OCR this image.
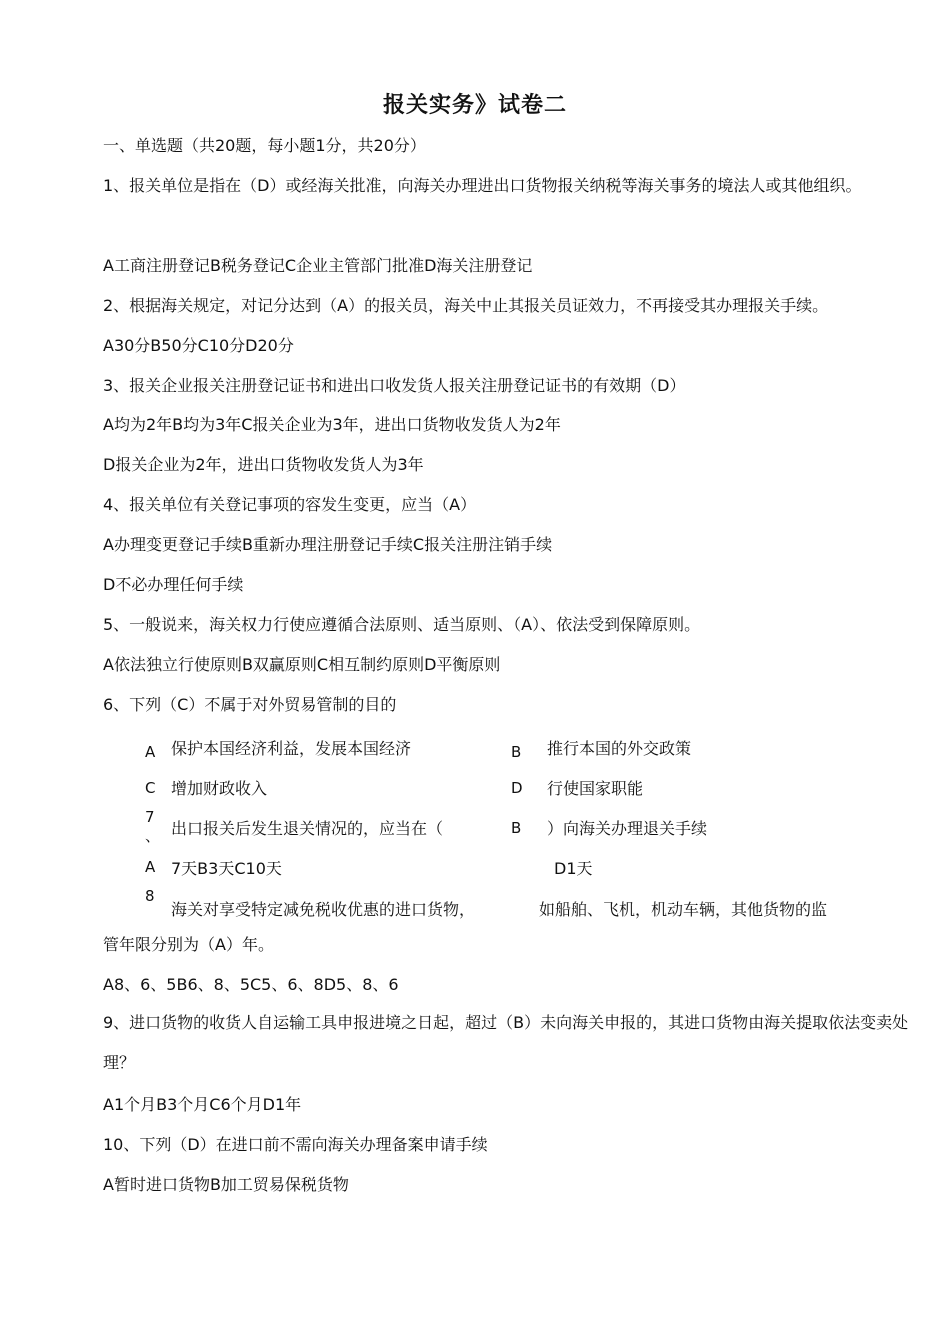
报关实务》试卷二
一、单选题（共20题，每小题1分，共20分）
1、报关单位是指在（D）或经海关批准，向海关办理进出口货物报关纳税等海关事务的境法人或其他组织。
A工商注册登记B税务登记C企业主管部门批准D海关注册登记
2、根据海关规定，对记分达到（A）的报关员，海关中止其报关员证效力，不再接受其办理报关手续。
A30分B50分C10分D20分
3、报关企业报关注册登记证书和进出口收发货人报关注册登记证书的有效期（D）
A均为2年B均为3年C报关企业为3年，进出口货物收发货人为2年
D报关企业为2年，进出口货物收发货人为3年
4、报关单位有关登记事项的容发生变更，应当（A）
A办理变更登记手续B重新办理注册登记手续C报关注册注销手续
D不必办理任何手续
5、一般说来，海关权力行使应遵循合法原则、适当原则、（A）、依法受到保障原则。
A依法独立行使原则B双赢原则C相互制约原则D平衡原则
6、下列（C）不属于对外贸易管制的目的
A 保护本国经济利益，发展本国经济	B 推行本国的外交政策
C 增加财政收入	D 行使国家职能
7
、 出口报关后发生退关情况的，应当在（	B ）向海关办理退关手续
A 7天B3天C10天	D1天
8
海关对享受特定减免税收优惠的进口货物，	如船舶、飞机，机动车辆，其他货物的监
管年限分别为（A）年。
A8、6、5B6、8、5C5、6、8D5、8、6
9、进口货物的收货人自运输工具申报进境之日起，超过（B）未向海关申报的，其进口货物由海关提取依法变卖处理？
A1个月B3个月C6个月D1年
10、下列（D）在进口前不需向海关办理备案申请手续
A暂时进口货物B加工贸易保税货物
